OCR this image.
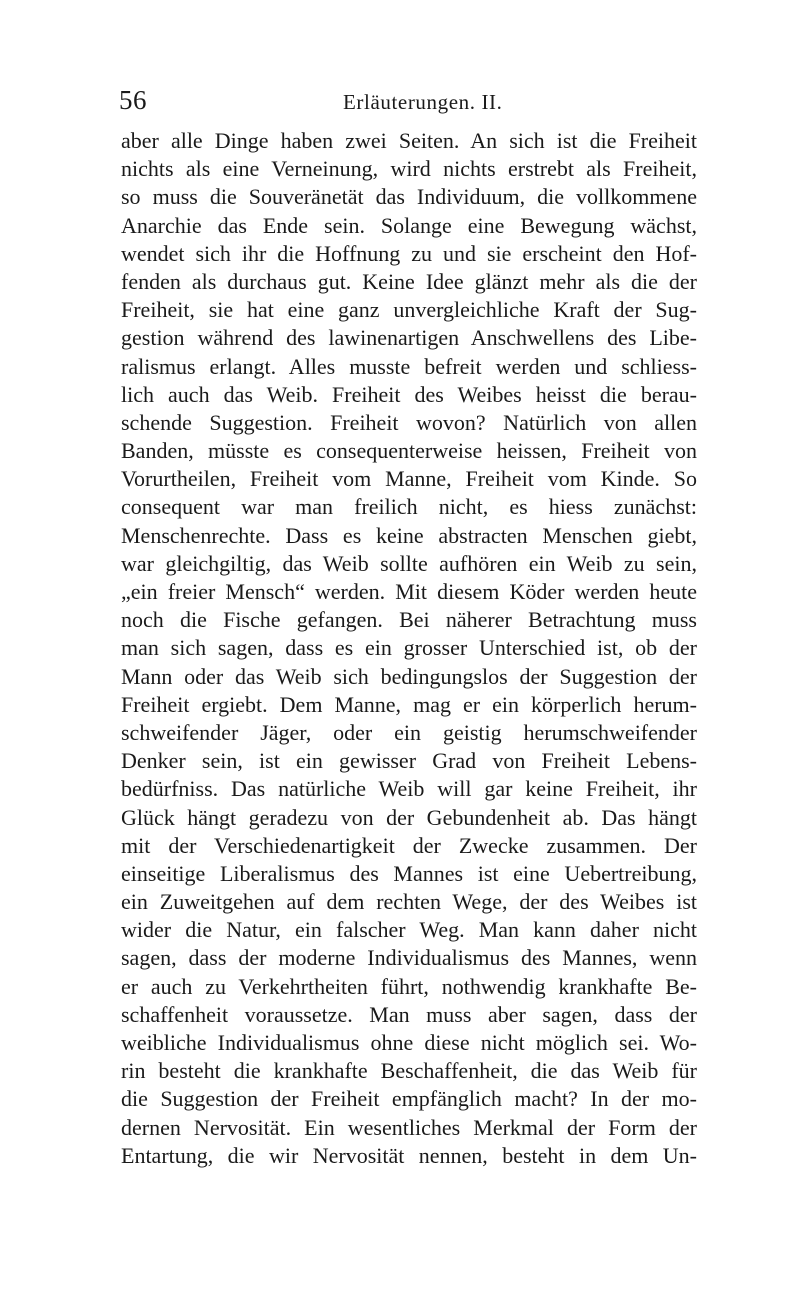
56	Erläuterungen. II.
aber alle Dinge haben zwei Seiten. An sich ist die Freiheit
nichts als eine Verneinung, wird nichts erstrebt als Freiheit,
so muss die Souveränetät das Individuum, die vollkommene
Anarchie das Ende sein. Solange eine Bewegung wächst,
wendet sich ihr die Hoffnung zu und sie erscheint den Hof-
fenden als durchaus gut. Keine Idee glänzt mehr als die der
Freiheit, sie hat eine ganz unvergleichliche Kraft der Sug-
gestion während des lawinenartigen Anschwellens des Libe-
ralismus erlangt. Alles musste befreit werden und schliess-
lich auch das Weib. Freiheit des Weibes heisst die berau-
schende Suggestion. Freiheit wovon? Natürlich von allen
Banden, müsste es consequenterweise heissen, Freiheit von
Vorurtheilen, Freiheit vom Manne, Freiheit vom Kinde. So
consequent war man freilich nicht, es hiess zunächst:
Menschenrechte. Dass es keine abstracten Menschen giebt,
war gleichgiltig, das Weib sollte aufhören ein Weib zu sein,
„ein freier Mensch“ werden. Mit diesem Köder werden heute
noch die Fische gefangen. Bei näherer Betrachtung muss
man sich sagen, dass es ein grosser Unterschied ist, ob der
Mann oder das Weib sich bedingungslos der Suggestion der
Freiheit ergiebt. Dem Manne, mag er ein körperlich herum-
schweifender Jäger, oder ein geistig herumschweifender
Denker sein, ist ein gewisser Grad von Freiheit Lebens-
bedürfniss. Das natürliche Weib will gar keine Freiheit, ihr
Glück hängt geradezu von der Gebundenheit ab. Das hängt
mit der Verschiedenartigkeit der Zwecke zusammen. Der
einseitige Liberalismus des Mannes ist eine Uebertreibung,
ein Zuweitgehen auf dem rechten Wege, der des Weibes ist
wider die Natur, ein falscher Weg. Man kann daher nicht
sagen, dass der moderne Individualismus des Mannes, wenn
er auch zu Verkehrtheiten führt, nothwendig krankhafte Be-
schaffenheit voraussetze. Man muss aber sagen, dass der
weibliche Individualismus ohne diese nicht möglich sei. Wo-
rin besteht die krankhafte Beschaffenheit, die das Weib für
die Suggestion der Freiheit empfänglich macht? In der mo-
dernen Nervosität. Ein wesentliches Merkmal der Form der
Entartung, die wir Nervosität nennen, besteht in dem Un-
